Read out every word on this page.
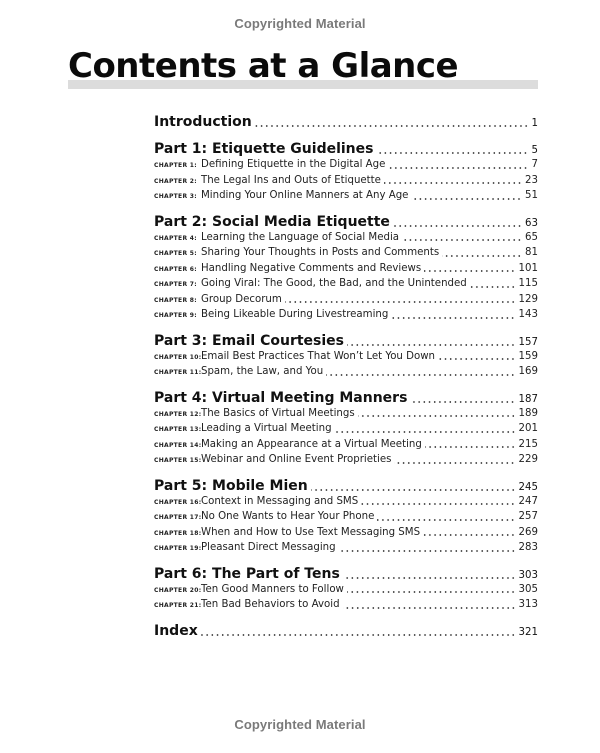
Copyrighted Material
Contents at a Glance
Introduction	1
Part 1: Etiquette Guidelines	5
CHAPTER 1: Defining Etiquette in the Digital Age	7
CHAPTER 2: The Legal Ins and Outs of Etiquette	23
CHAPTER 3: Minding Your Online Manners at Any Age	51
Part 2: Social Media Etiquette	63
CHAPTER 4: Learning the Language of Social Media	65
CHAPTER 5: Sharing Your Thoughts in Posts and Comments	81
CHAPTER 6: Handling Negative Comments and Reviews	101
CHAPTER 7: Going Viral: The Good, the Bad, and the Unintended	115
CHAPTER 8: Group Decorum	129
CHAPTER 9: Being Likeable During Livestreaming	143
Part 3: Email Courtesies	157
CHAPTER 10: Email Best Practices That Won’t Let You Down	159
CHAPTER 11: Spam, the Law, and You	169
Part 4: Virtual Meeting Manners	187
CHAPTER 12: The Basics of Virtual Meetings	189
CHAPTER 13: Leading a Virtual Meeting	201
CHAPTER 14: Making an Appearance at a Virtual Meeting	215
CHAPTER 15: Webinar and Online Event Proprieties	229
Part 5: Mobile Mien	245
CHAPTER 16: Context in Messaging and SMS	247
CHAPTER 17: No One Wants to Hear Your Phone	257
CHAPTER 18: When and How to Use Text Messaging SMS	269
CHAPTER 19: Pleasant Direct Messaging	283
Part 6: The Part of Tens	303
CHAPTER 20: Ten Good Manners to Follow	305
CHAPTER 21: Ten Bad Behaviors to Avoid	313
Index	321
Copyrighted Material
